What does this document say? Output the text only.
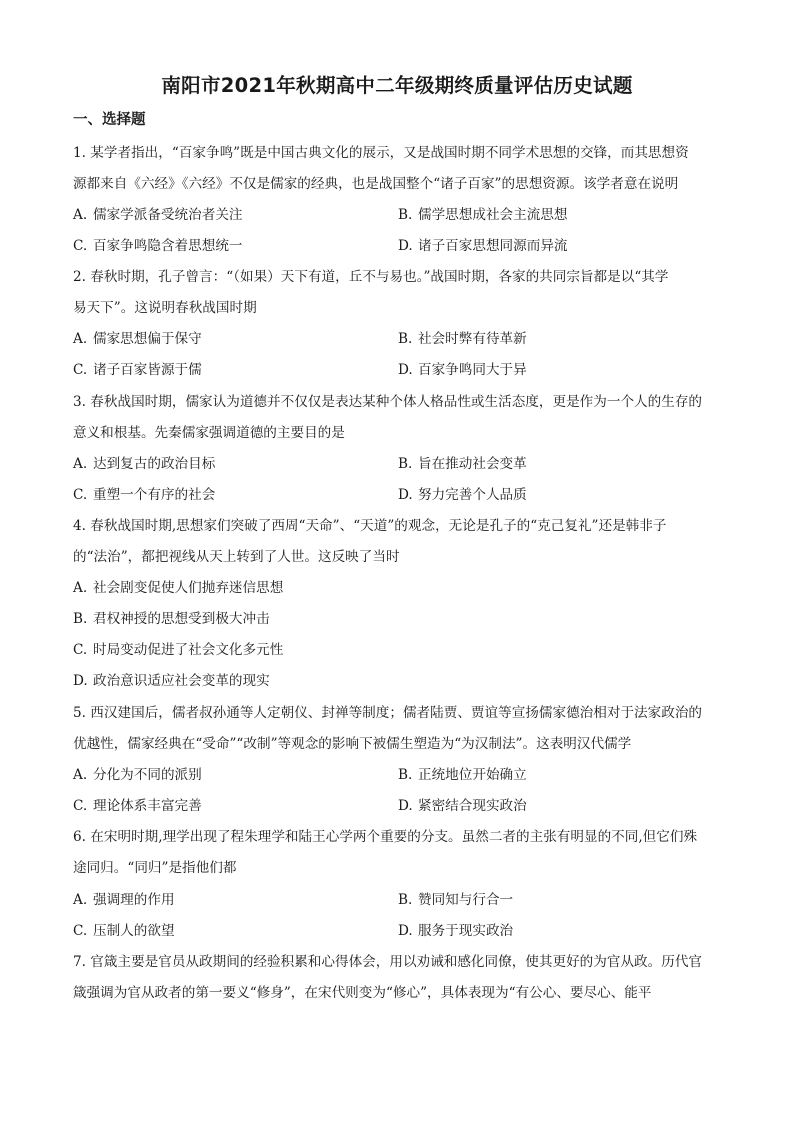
南阳市2021年秋期高中二年级期终质量评估历史试题
一、选择题
1. 某学者指出，“百家争鸣”既是中国古典文化的展示，又是战国时期不同学术思想的交锋，而其思想资
源都来自《六经》《六经》不仅是儒家的经典，也是战国整个“诸子百家”的思想资源。该学者意在说明
A. 儒家学派备受统治者关注	B. 儒学思想成社会主流思想
C. 百家争鸣隐含着思想统一	D. 诸子百家思想同源而异流
2. 春秋时期，孔子曾言：“（如果）天下有道，丘不与易也。”战国时期，各家的共同宗旨都是以“其学
易天下”。这说明春秋战国时期
A. 儒家思想偏于保守	B. 社会时弊有待革新
C. 诸子百家皆源于儒	D. 百家争鸣同大于异
3. 春秋战国时期，儒家认为道德并不仅仅是表达某种个体人格品性或生活态度，更是作为一个人的生存的
意义和根基。先秦儒家强调道德的主要目的是
A. 达到复古的政治目标	B. 旨在推动社会变革
C. 重塑一个有序的社会	D. 努力完善个人品质
4. 春秋战国时期,思想家们突破了西周“天命”、“天道”的观念，无论是孔子的“克己复礼”还是韩非子
的“法治”，都把视线从天上转到了人世。这反映了当时
A. 社会剧变促使人们抛弃迷信思想
B. 君权神授的思想受到极大冲击
C. 时局变动促进了社会文化多元性
D. 政治意识适应社会变革的现实
5. 西汉建国后，儒者叔孙通等人定朝仪、封禅等制度；儒者陆贾、贾谊等宣扬儒家德治相对于法家政治的
优越性，儒家经典在“受命”“改制”等观念的影响下被儒生塑造为“为汉制法”。这表明汉代儒学
A. 分化为不同的派别	B. 正统地位开始确立
C. 理论体系丰富完善	D. 紧密结合现实政治
6. 在宋明时期,理学出现了程朱理学和陆王心学两个重要的分支。虽然二者的主张有明显的不同,但它们殊
途同归。“同归”是指他们都
A. 强调理的作用	B. 赞同知与行合一
C. 压制人的欲望	D. 服务于现实政治
7. 官箴主要是官员从政期间的经验积累和心得体会，用以劝诫和感化同僚，使其更好的为官从政。历代官
箴强调为官从政者的第一要义“修身”，在宋代则变为“修心”，具体表现为“有公心、要尽心、能平
